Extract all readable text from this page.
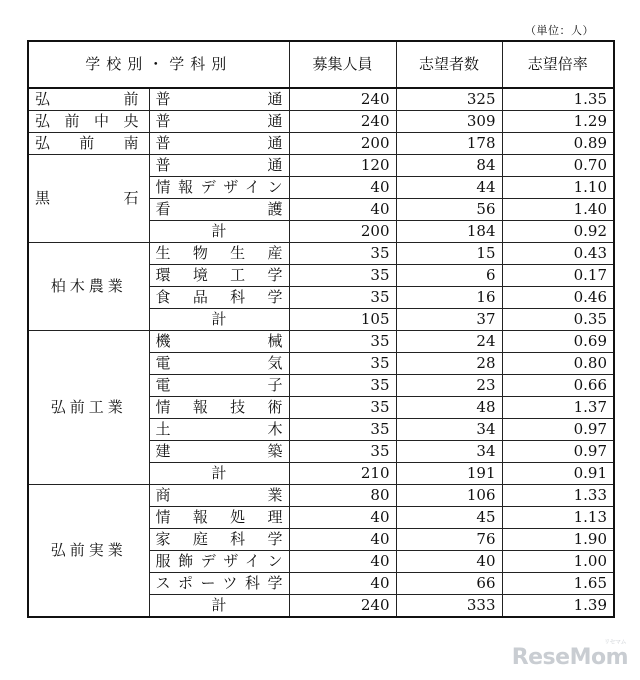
（単位：人）
学校別・学科別		募集人員	志望者数	志望倍率
弘前	普通	240	325	1.35
弘前中央	普通	240	309	1.29
弘前南	普通	200	178	0.89
黒石	普通	120	84	0.70
	情報デザイン	40	44	1.10
	看護	40	56	1.40
	計	200	184	0.92
柏木農業	生物生産	35	15	0.43
	環境工学	35	6	0.17
	食品科学	35	16	0.46
	計	105	37	0.35
弘前工業	機械	35	24	0.69
	電気	35	28	0.80
	電子	35	23	0.66
	情報技術	35	48	1.37
	土木	35	34	0.97
	建築	35	34	0.97
	計	210	191	0.91
弘前実業	商業	80	106	1.33
	情報処理	40	45	1.13
	家庭科学	40	76	1.90
	服飾デザイン	40	40	1.00
	スポーツ科学	40	66	1.65
	計	240	333	1.39
ReseMom
リセマム
